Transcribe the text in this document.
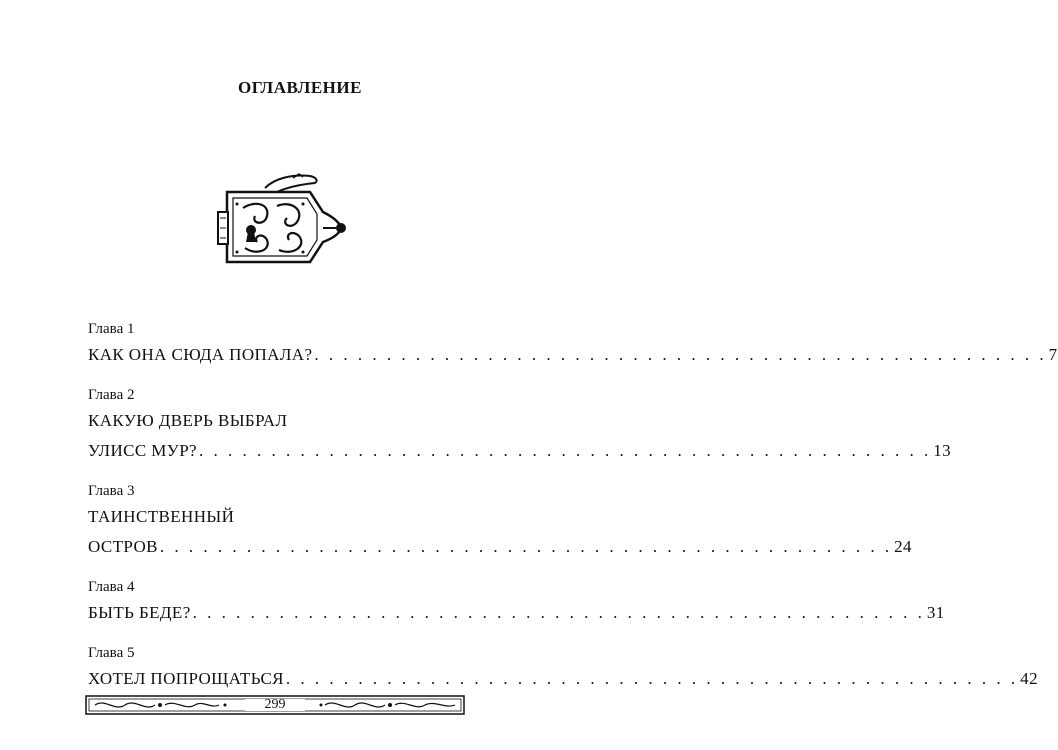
ОГЛАВЛЕНИЕ
Глава 1
КАК ОНА СЮДА ПОПАЛА? . . . . . . . . . . . . . . . . . . . . . . . . . . . . . . . . . . . . . . . . . . . . . . . . . . . 7
Глава 2
КАКУЮ ДВЕРЬ ВЫБРАЛ
УЛИСС МУР? . . . . . . . . . . . . . . . . . . . . . . . . . . . . . . . . . . . . . . . . . . . . . . . . . . . 13
Глава 3
ТАИНСТВЕННЫЙ
ОСТРОВ . . . . . . . . . . . . . . . . . . . . . . . . . . . . . . . . . . . . . . . . . . . . . . . . . . . 24
Глава 4
БЫТЬ БЕДЕ? . . . . . . . . . . . . . . . . . . . . . . . . . . . . . . . . . . . . . . . . . . . . . . . . . . . 31
Глава 5
ХОТЕЛ ПОПРОЩАТЬСЯ . . . . . . . . . . . . . . . . . . . . . . . . . . . . . . . . . . . . . . . . . . . . . . . . . . . 42
299
